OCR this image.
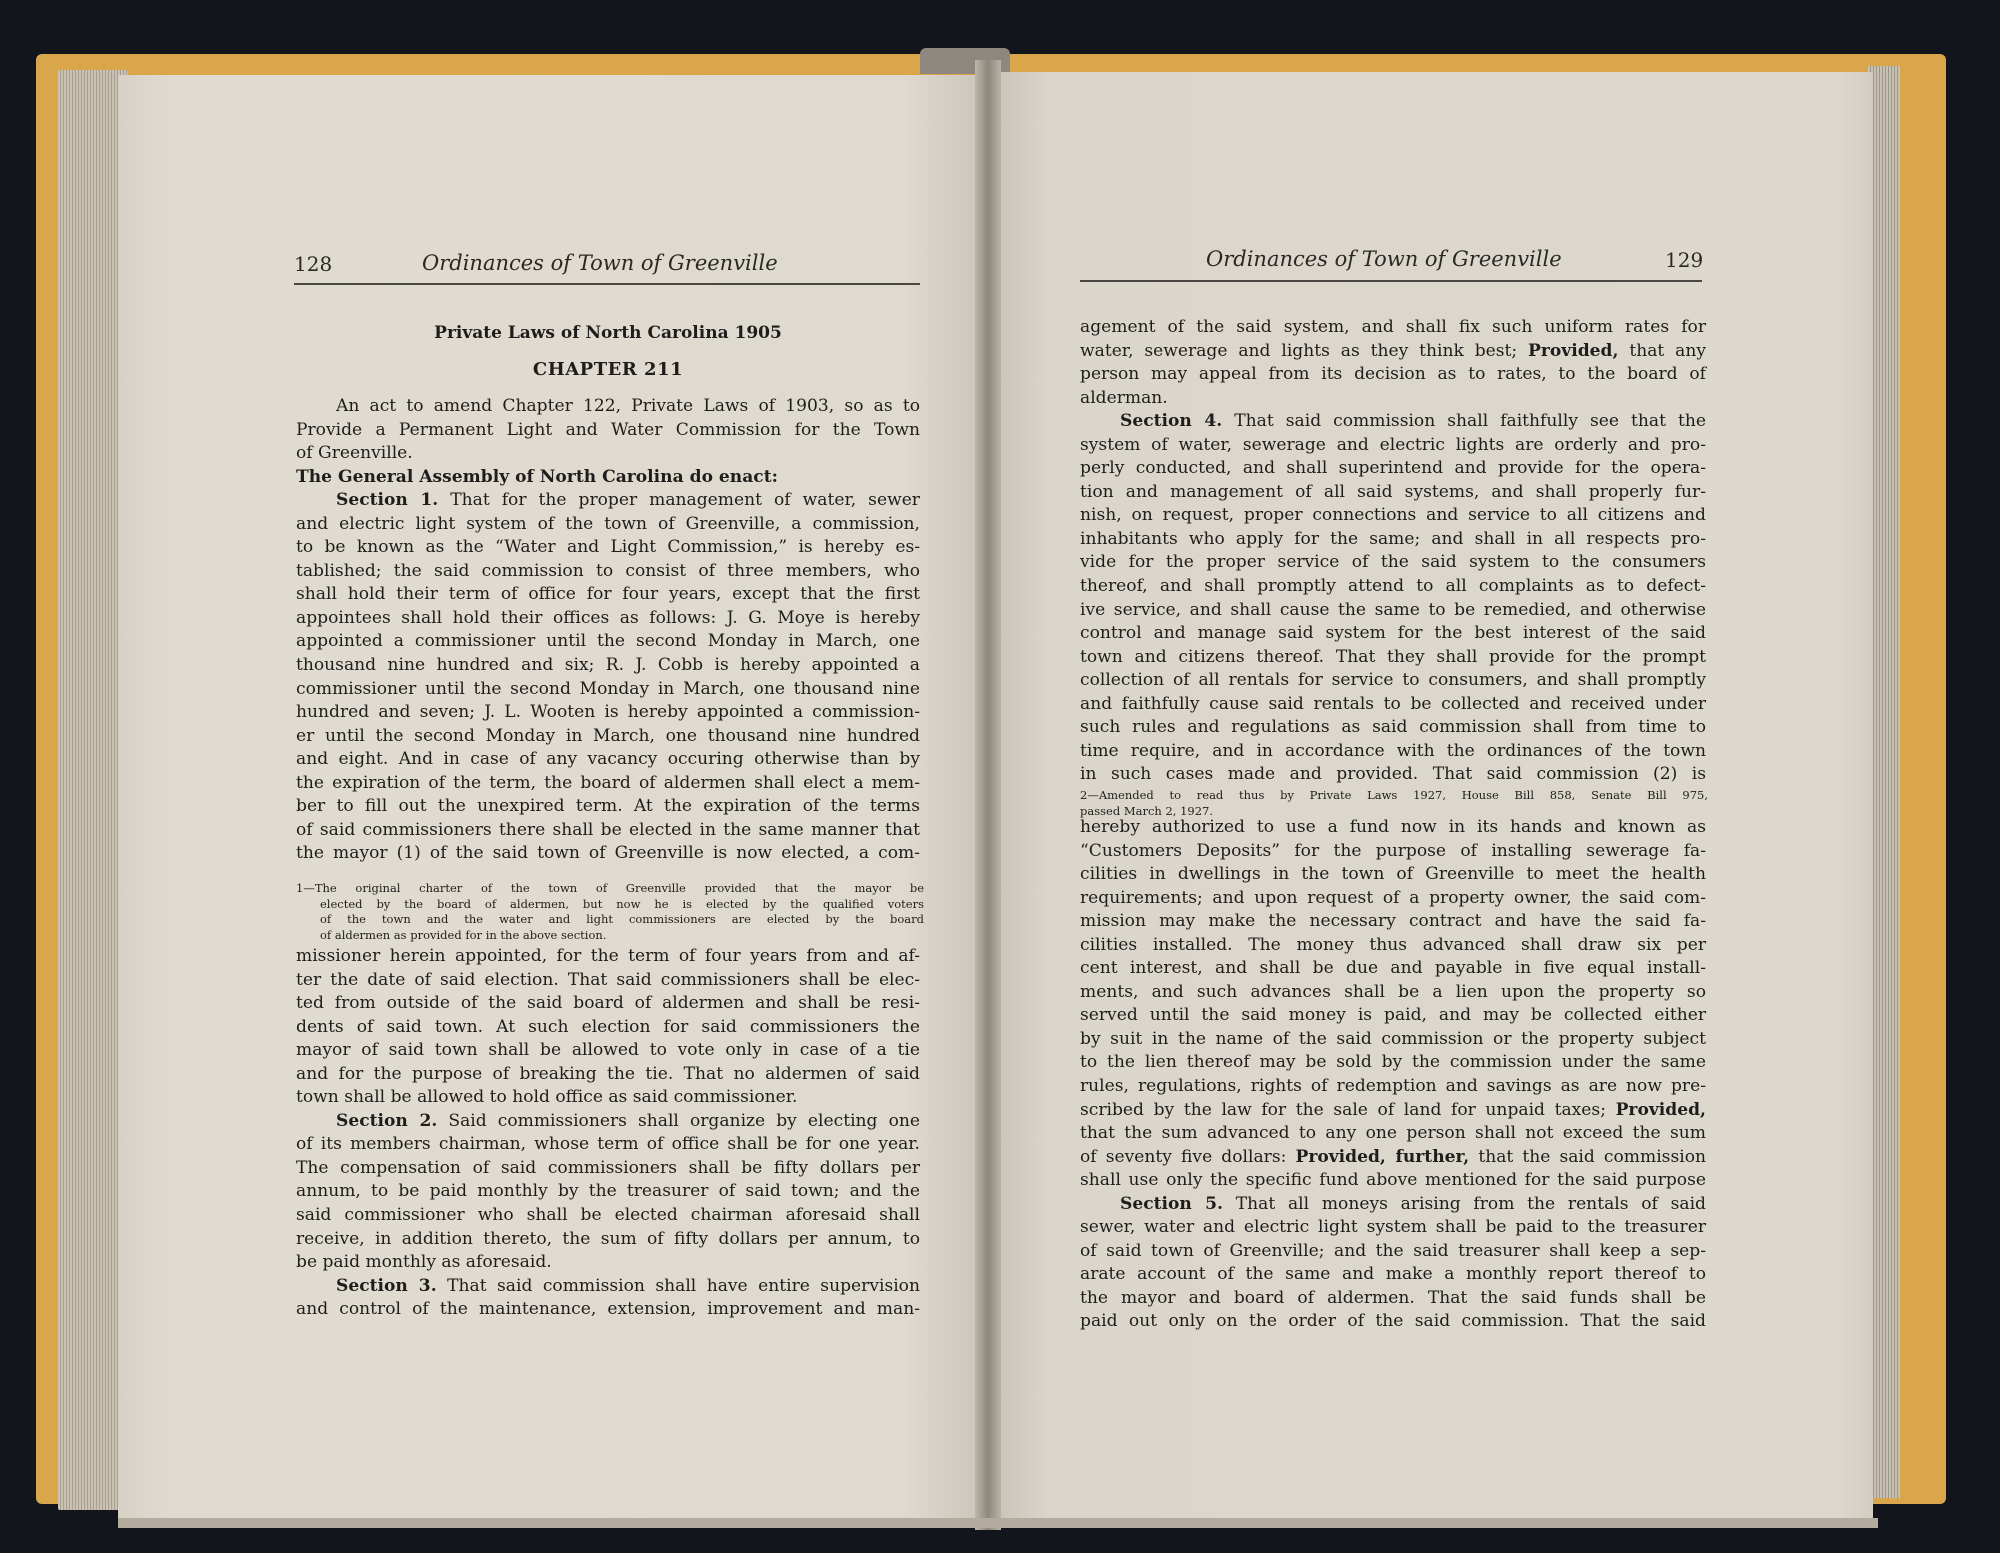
128	Ordinances of Town of Greenville
Private Laws of North Carolina 1905
CHAPTER 211
An act to amend Chapter 122, Private Laws of 1903, so as to
Provide a Permanent Light and Water Commission for the Town
of Greenville.
The General Assembly of North Carolina do enact:
Section 1. That for the proper management of water, sewer
and electric light system of the town of Greenville, a commission,
to be known as the “Water and Light Commission,” is hereby es-
tablished; the said commission to consist of three members, who
shall hold their term of office for four years, except that the first
appointees shall hold their offices as follows: J. G. Moye is hereby
appointed a commissioner until the second Monday in March, one
thousand nine hundred and six; R. J. Cobb is hereby appointed a
commissioner until the second Monday in March, one thousand nine
hundred and seven; J. L. Wooten is hereby appointed a commission-
er until the second Monday in March, one thousand nine hundred
and eight. And in case of any vacancy occuring otherwise than by
the expiration of the term, the board of aldermen shall elect a mem-
ber to fill out the unexpired term. At the expiration of the terms
of said commissioners there shall be elected in the same manner that
the mayor (1) of the said town of Greenville is now elected, a com-
1—The original charter of the town of Greenville provided that the mayor be
elected by the board of aldermen, but now he is elected by the qualified voters
of the town and the water and light commissioners are elected by the board
of aldermen as provided for in the above section.
missioner herein appointed, for the term of four years from and af-
ter the date of said election. That said commissioners shall be elec-
ted from outside of the said board of aldermen and shall be resi-
dents of said town. At such election for said commissioners the
mayor of said town shall be allowed to vote only in case of a tie
and for the purpose of breaking the tie. That no aldermen of said
town shall be allowed to hold office as said commissioner.
Section 2. Said commissioners shall organize by electing one
of its members chairman, whose term of office shall be for one year.
The compensation of said commissioners shall be fifty dollars per
annum, to be paid monthly by the treasurer of said town; and the
said commissioner who shall be elected chairman aforesaid shall
receive, in addition thereto, the sum of fifty dollars per annum, to
be paid monthly as aforesaid.
Section 3. That said commission shall have entire supervision
and control of the maintenance, extension, improvement and man-
Ordinances of Town of Greenville	129
agement of the said system, and shall fix such uniform rates for
water, sewerage and lights as they think best; Provided, that any
person may appeal from its decision as to rates, to the board of
alderman.
Section 4. That said commission shall faithfully see that the
system of water, sewerage and electric lights are orderly and pro-
perly conducted, and shall superintend and provide for the opera-
tion and management of all said systems, and shall properly fur-
nish, on request, proper connections and service to all citizens and
inhabitants who apply for the same; and shall in all respects pro-
vide for the proper service of the said system to the consumers
thereof, and shall promptly attend to all complaints as to defect-
ive service, and shall cause the same to be remedied, and otherwise
control and manage said system for the best interest of the said
town and citizens thereof. That they shall provide for the prompt
collection of all rentals for service to consumers, and shall promptly
and faithfully cause said rentals to be collected and received under
such rules and regulations as said commission shall from time to
time require, and in accordance with the ordinances of the town
in such cases made and provided. That said commission (2) is
2—Amended to read thus by Private Laws 1927, House Bill 858, Senate Bill 975,
passed March 2, 1927.
hereby authorized to use a fund now in its hands and known as
“Customers Deposits” for the purpose of installing sewerage fa-
cilities in dwellings in the town of Greenville to meet the health
requirements; and upon request of a property owner, the said com-
mission may make the necessary contract and have the said fa-
cilities installed. The money thus advanced shall draw six per
cent interest, and shall be due and payable in five equal install-
ments, and such advances shall be a lien upon the property so
served until the said money is paid, and may be collected either
by suit in the name of the said commission or the property subject
to the lien thereof may be sold by the commission under the same
rules, regulations, rights of redemption and savings as are now pre-
scribed by the law for the sale of land for unpaid taxes; Provided,
that the sum advanced to any one person shall not exceed the sum
of seventy five dollars: Provided, further, that the said commission
shall use only the specific fund above mentioned for the said purpose
Section 5. That all moneys arising from the rentals of said
sewer, water and electric light system shall be paid to the treasurer
of said town of Greenville; and the said treasurer shall keep a sep-
arate account of the same and make a monthly report thereof to
the mayor and board of aldermen. That the said funds shall be
paid out only on the order of the said commission. That the said
